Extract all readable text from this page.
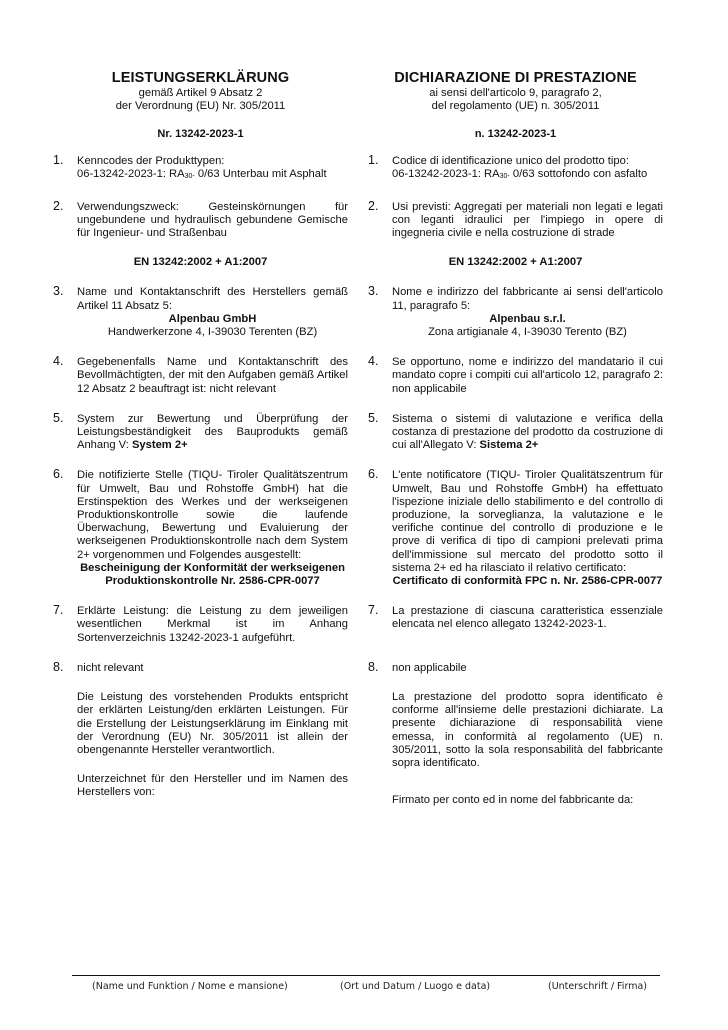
LEISTUNGSERKLÄRUNG
gemäß Artikel 9 Absatz 2
der Verordnung (EU) Nr. 305/2011
Nr. 13242-2023-1
1. Kenncodes der Produkttypen:
06-13242-2023-1: $RA_{30-}$ 0/63 Unterbau mit Asphalt
2. Verwendungszweck: Gesteinskörnungen für ungebundene und hydraulisch gebundene Gemische für Ingenieur- und Straßenbau
EN 13242:2002 + A1:2007
3. Name und Kontaktanschrift des Herstellers gemäß Artikel 11 Absatz 5:
Alpenbau GmbH
Handwerkerzone 4, I-39030 Terenten (BZ)
4. Gegebenenfalls Name und Kontaktanschrift des Bevollmächtigten, der mit den Aufgaben gemäß Artikel 12 Absatz 2 beauftragt ist: nicht relevant
5. System zur Bewertung und Überprüfung der Leistungsbeständigkeit des Bauprodukts gemäß Anhang V: System 2+
6. Die notifizierte Stelle (TIQU- Tiroler Qualitätszentrum für Umwelt, Bau und Rohstoffe GmbH) hat die Erstinspektion des Werkes und der werkseigenen Produktionskontrolle sowie die laufende Überwachung, Bewertung und Evaluierung der werkseigenen Produktionskontrolle nach dem System 2+ vorgenommen und Folgendes ausgestellt:
Bescheinigung der Konformität der werkseigenen
Produktionskontrolle Nr. 2586-CPR-0077
7. Erklärte Leistung: die Leistung zu dem jeweiligen wesentlichen Merkmal ist im Anhang Sortenverzeichnis 13242-2023-1 aufgeführt.
8. nicht relevant
Die Leistung des vorstehenden Produkts entspricht der erklärten Leistung/den erklärten Leistungen. Für die Erstellung der Leistungserklärung im Einklang mit der Verordnung (EU) Nr. 305/2011 ist allein der obengenannte Hersteller verantwortlich.
Unterzeichnet für den Hersteller und im Namen des Herstellers von:
DICHIARAZIONE DI PRESTAZIONE
ai sensi dell'articolo 9, paragrafo 2,
del regolamento (UE) n. 305/2011
n. 13242-2023-1
1. Codice di identificazione unico del prodotto tipo:
06-13242-2023-1: $RA_{30-}$ 0/63 sottofondo con asfalto
2. Usi previsti: Aggregati per materiali non legati e legati con leganti idraulici per l'impiego in opere di ingegneria civile e nella costruzione di strade
EN 13242:2002 + A1:2007
3. Nome e indirizzo del fabbricante ai sensi dell'articolo 11, paragrafo 5:
Alpenbau s.r.l.
Zona artigianale 4, I-39030 Terento (BZ)
4. Se opportuno, nome e indirizzo del mandatario il cui mandato copre i compiti cui all'articolo 12, paragrafo 2: non applicabile
5. Sistema o sistemi di valutazione e verifica della costanza di prestazione del prodotto da costruzione di cui all'Allegato V: Sistema 2+
6. L'ente notificatore (TIQU- Tiroler Qualitätszentrum für Umwelt, Bau und Rohstoffe GmbH) ha effettuato l'ispezione iniziale dello stabilimento e del controllo di produzione, la sorveglianza, la valutazione e le verifiche continue del controllo di produzione e le prove di verifica di tipo di campioni prelevati prima dell'immissione sul mercato del prodotto sotto il sistema 2+ ed ha rilasciato il relativo certificato:
Certificato di conformità FPC n. Nr. 2586-CPR-0077
7. La prestazione di ciascuna caratteristica essenziale elencata nel elenco allegato 13242-2023-1.
8. non applicabile
La prestazione del prodotto sopra identificato è conforme all'insieme delle prestazioni dichiarate. La presente dichiarazione di responsabilità viene emessa, in conformità al regolamento (UE) n. 305/2011, sotto la sola responsabilità del fabbricante sopra identificato.
Firmato per conto ed in nome del fabbricante da:
(Name und Funktion / Nome e mansione)	(Ort und Datum / Luogo e data)	(Unterschrift / Firma)
